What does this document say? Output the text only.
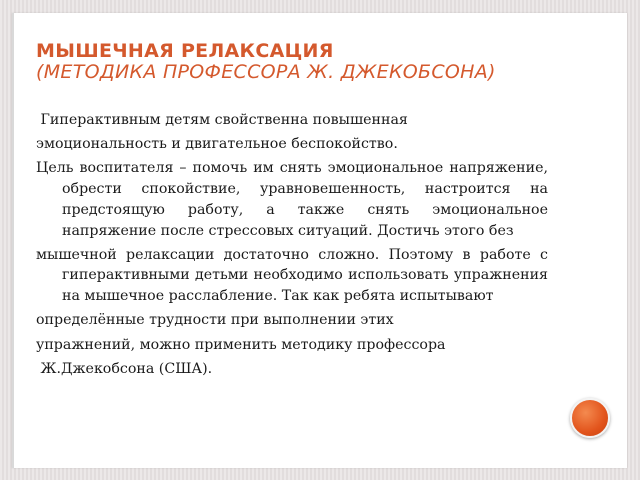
МЫШЕЧНАЯ РЕЛАКСАЦИЯ
(МЕТОДИКА ПРОФЕССОРА Ж. ДЖЕКОБСОНА)

Гиперактивным детям свойственна повышенная

эмоциональность и двигательное беспокойство.

Цель воспитателя – помочь им снять эмоциональное напряжение, обрести спокойствие, уравновешенность, настроится на предстоящую работу, а также снять эмоциональное напряжение после стрессовых ситуаций. Достичь этого без

мышечной релаксации достаточно сложно. Поэтому в работе с гиперактивными детьми необходимо использовать упражнения на мышечное расслабление. Так как ребята испытывают

определённые трудности при выполнении этих

упражнений, можно применить методику профессора

Ж.Джекобсона (США).
